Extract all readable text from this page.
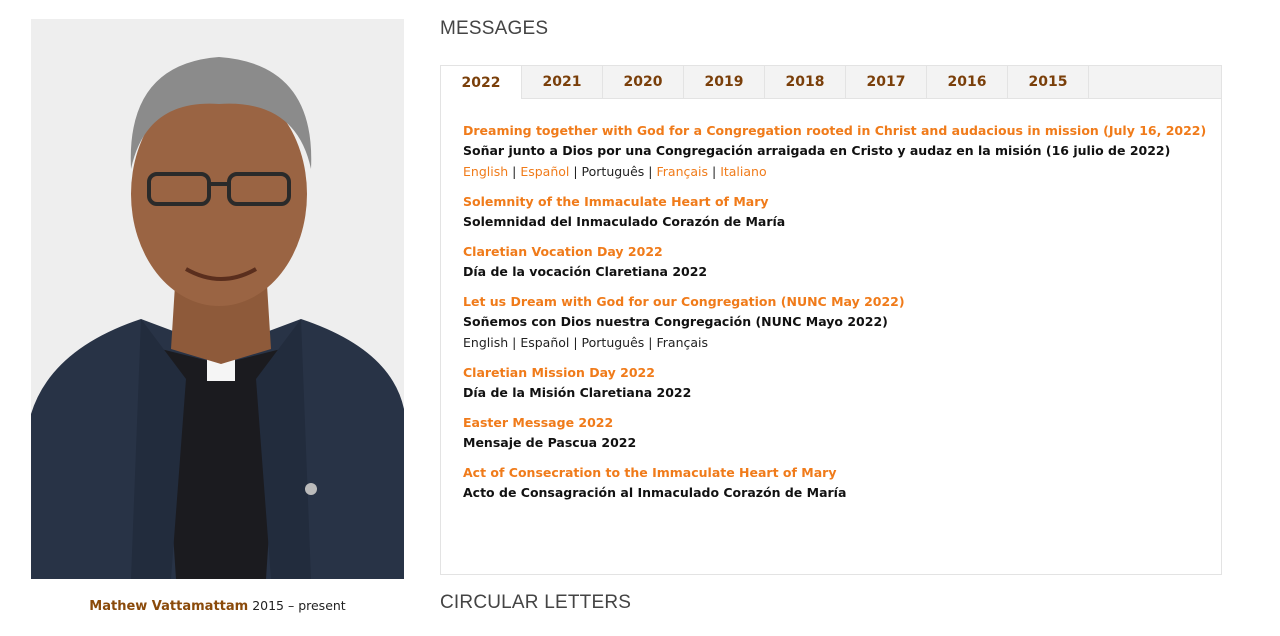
Mathew Vattamattam 2015 – present
MESSAGES
2022	2021	2020	2019	2018	2017	2016	2015
Dreaming together with God for a Congregation rooted in Christ and audacious in mission (July 16, 2022)
Soñar junto a Dios por una Congregación arraigada en Cristo y audaz en la misión (16 julio de 2022)
English | Español | Português | Français | Italiano
Solemnity of the Immaculate Heart of Mary
Solemnidad del Inmaculado Corazón de María
Claretian Vocation Day 2022
Día de la vocación Claretiana 2022
Let us Dream with God for our Congregation (NUNC May 2022)
Soñemos con Dios nuestra Congregación (NUNC Mayo 2022)
English | Español | Português | Français
Claretian Mission Day 2022
Día de la Misión Claretiana 2022
Easter Message 2022
Mensaje de Pascua 2022
Act of Consecration to the Immaculate Heart of Mary
Acto de Consagración al Inmaculado Corazón de María
CIRCULAR LETTERS
